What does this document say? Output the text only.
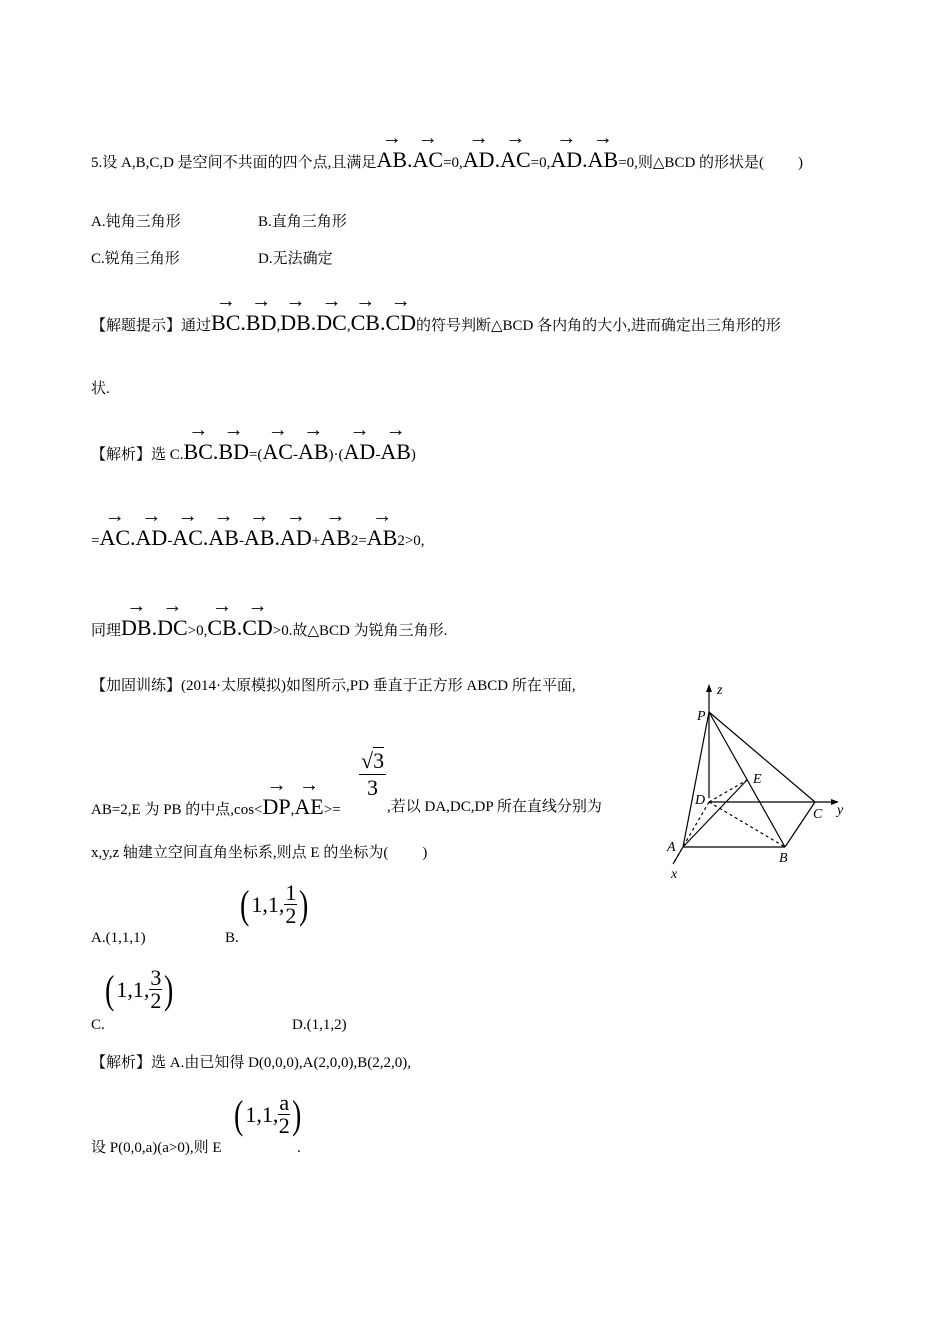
5.设 A,B,C,D 是空间不共面的四个点,且满足→ AB.→ AC=0,→ AD.→ AC=0,→ AD.→ AB=0,则△BCD 的形状是( )
A.钝角三角形	B.直角三角形
C.锐角三角形	D.无法确定
【解题提示】通过→ BC.→ BD,→ DB.→ DC,→ CB.→ CD的符号判断△BCD 各内角的大小,进而确定出三角形的形
状.
【解析】选 C.→ BC.→ BD=(→ AC-→ AB)·(→ AD-→ AB)
=→ AC.→ AD-→ AC.→ AB-→ AB.→ AD+→ AB2=→ AB2>0,
同理→ DB.→ DC>0,→ CB.→ CD>0.故△BCD 为锐角三角形.
【加固训练】(2014·太原模拟)如图所示,PD 垂直于正方形 ABCD 所在平面,
AB=2,E 为 PB 的中点,cos<→ DP,→ AE>=
√3
3
,若以 DA,DC,DP 所在直线分别为
x,y,z 轴建立空间直角坐标系,则点 E 的坐标为( )
A.(1,1,1)	B.
(1,1, $\frac{1}{2}$ )
C.
(1,1, $\frac{3}{2}$ )
D.(1,1,2)
【解析】选 A.由已知得 D(0,0,0),A(2,0,0),B(2,2,0),
设 P(0,0,a)(a>0),则 E
(1,1, $\frac{a}{2}$ )
.
z
P
D
E
C y
A
B
x
